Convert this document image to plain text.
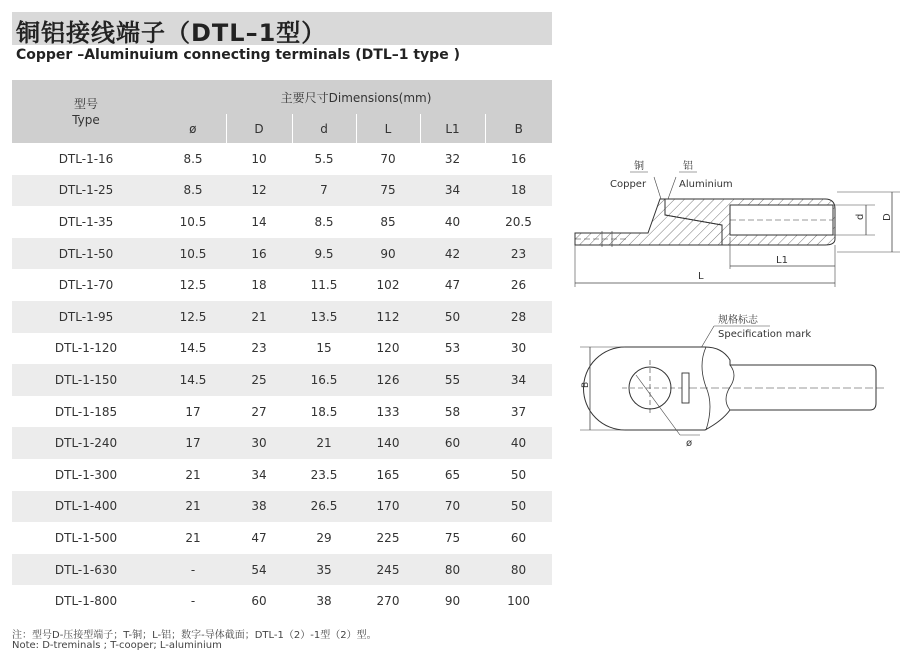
铜铝接线端子（DTL–1型）
Copper –Aluminuium connecting terminals (DTL–1 type )
型号
Type	主要尺寸Dimensions(mm)					
	ø	D	d	L	L1	B
DTL-1-16	8.5	10	5.5	70	32	16
DTL-1-25	8.5	12	7	75	34	18
DTL-1-35	10.5	14	8.5	85	40	20.5
DTL-1-50	10.5	16	9.5	90	42	23
DTL-1-70	12.5	18	11.5	102	47	26
DTL-1-95	12.5	21	13.5	112	50	28
DTL-1-120	14.5	23	15	120	53	30
DTL-1-150	14.5	25	16.5	126	55	34
DTL-1-185	17	27	18.5	133	58	37
DTL-1-240	17	30	21	140	60	40
DTL-1-300	21	34	23.5	165	65	50
DTL-1-400	21	38	26.5	170	70	50
DTL-1-500	21	47	29	225	75	60
DTL-1-630	-	54	35	245	80	80
DTL-1-800	-	60	38	270	90	100
铜
Copper
铝
Aluminium
d D
L1
L
规格标志
Specification mark
ø
B
注：型号D-压接型端子；T-铜；L-铝；数字-导体截面；DTL-1（2）-1型（2）型。
Note: D-treminals ; T-cooper; L-aluminium
